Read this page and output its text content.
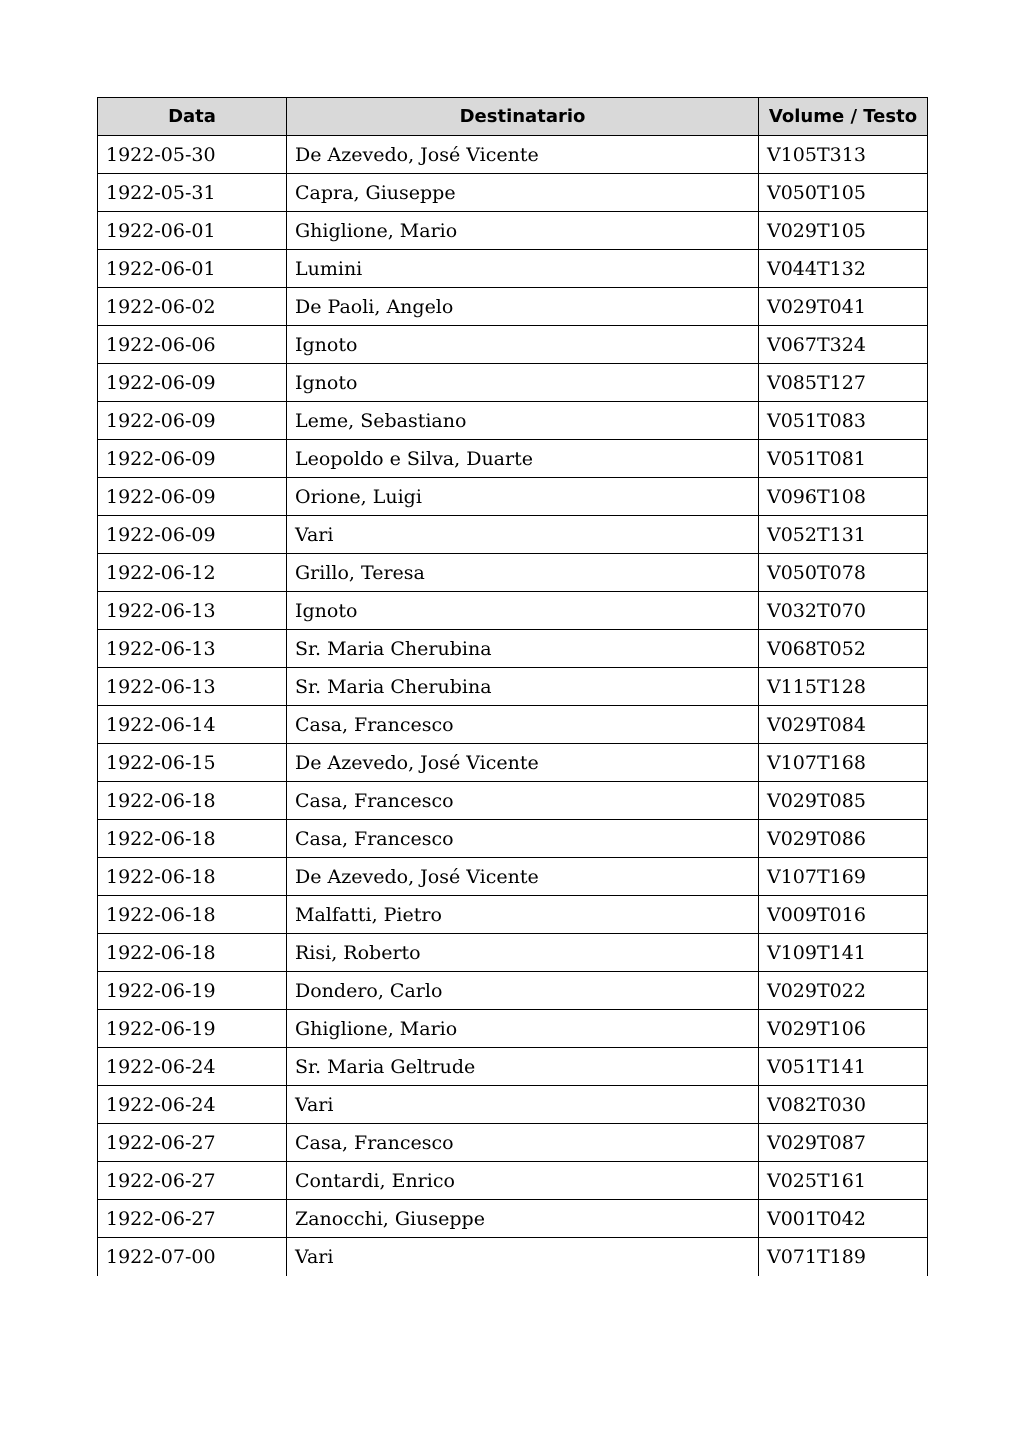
Data	Destinatario	Volume / Testo
1922-05-30	De Azevedo, José Vicente	V105T313
1922-05-31	Capra, Giuseppe	V050T105
1922-06-01	Ghiglione, Mario	V029T105
1922-06-01	Lumini	V044T132
1922-06-02	De Paoli, Angelo	V029T041
1922-06-06	Ignoto	V067T324
1922-06-09	Ignoto	V085T127
1922-06-09	Leme, Sebastiano	V051T083
1922-06-09	Leopoldo e Silva, Duarte	V051T081
1922-06-09	Orione, Luigi	V096T108
1922-06-09	Vari	V052T131
1922-06-12	Grillo, Teresa	V050T078
1922-06-13	Ignoto	V032T070
1922-06-13	Sr. Maria Cherubina	V068T052
1922-06-13	Sr. Maria Cherubina	V115T128
1922-06-14	Casa, Francesco	V029T084
1922-06-15	De Azevedo, José Vicente	V107T168
1922-06-18	Casa, Francesco	V029T085
1922-06-18	Casa, Francesco	V029T086
1922-06-18	De Azevedo, José Vicente	V107T169
1922-06-18	Malfatti, Pietro	V009T016
1922-06-18	Risi, Roberto	V109T141
1922-06-19	Dondero, Carlo	V029T022
1922-06-19	Ghiglione, Mario	V029T106
1922-06-24	Sr. Maria Geltrude	V051T141
1922-06-24	Vari	V082T030
1922-06-27	Casa, Francesco	V029T087
1922-06-27	Contardi, Enrico	V025T161
1922-06-27	Zanocchi, Giuseppe	V001T042
1922-07-00	Vari	V071T189
